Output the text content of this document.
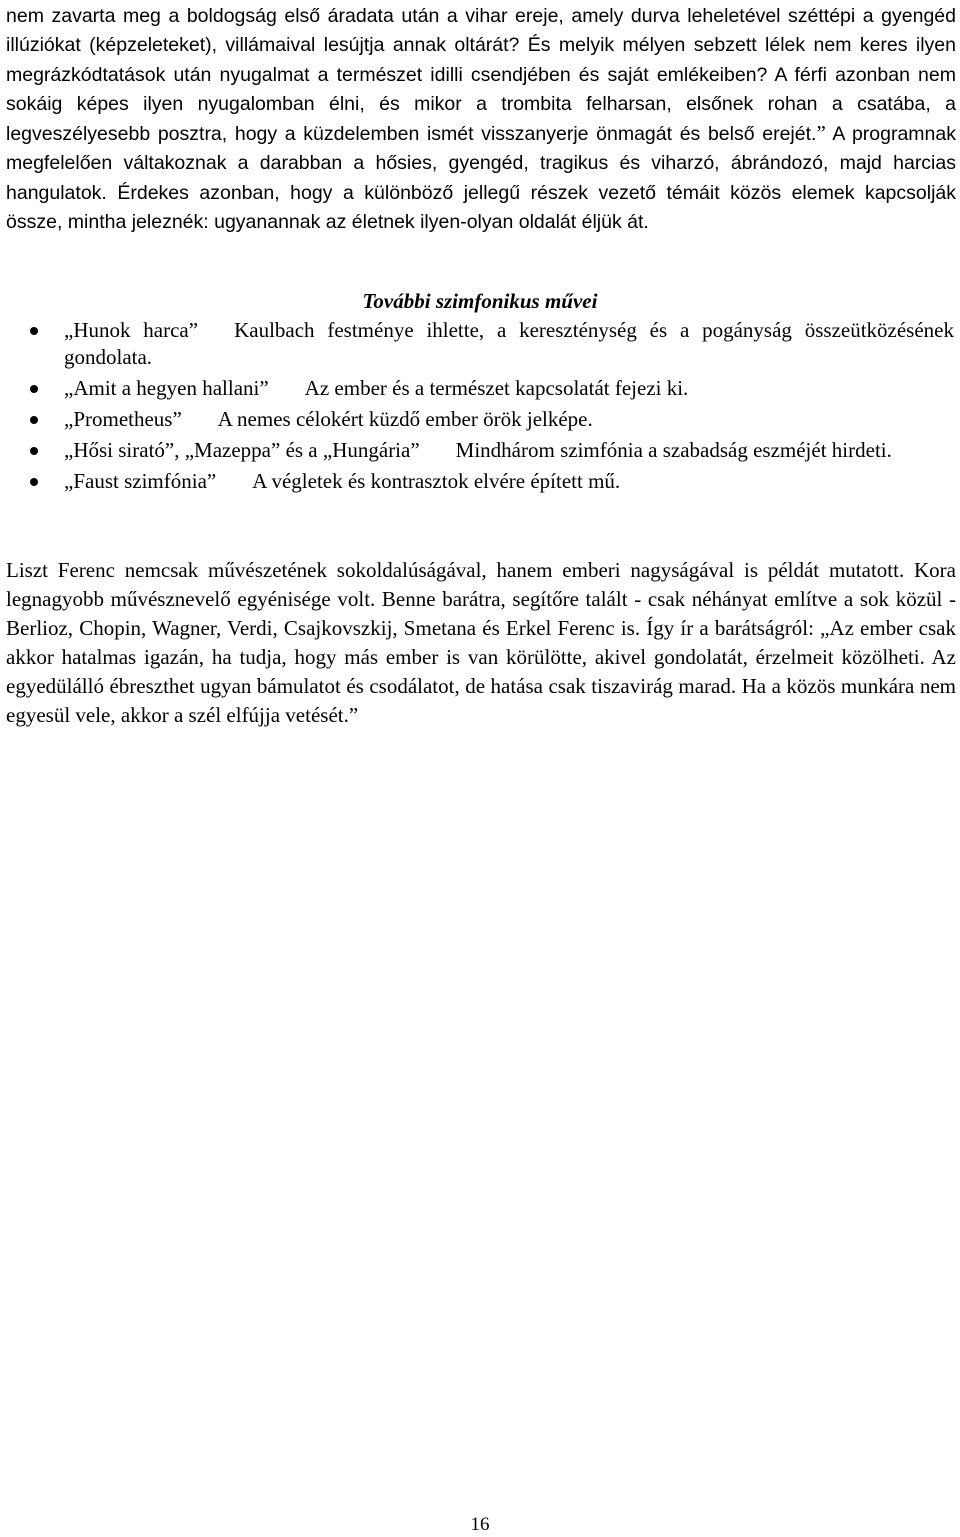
nem zavarta meg a boldogság első áradata után a vihar ereje, amely durva leheletével széttépi a gyengéd illúziókat (képzeleteket), villámaival lesújtja annak oltárát? És melyik mélyen sebzett lélek nem keres ilyen megrázkódtatások után nyugalmat a természet idilli csendjében és saját emlékeiben? A férfi azonban nem sokáig képes ilyen nyugalomban élni, és mikor a trombita felharsan, elsőnek rohan a csatába, a legveszélyesebb posztra, hogy a küzdelemben ismét visszanyerje önmagát és belső erejét.” A programnak megfelelően váltakoznak a darabban a hősies, gyengéd, tragikus és viharzó, ábrándozó, majd harcias hangulatok. Érdekes azonban, hogy a különböző jellegű részek vezető témáit közös elemek kapcsolják össze, mintha jeleznék: ugyanannak az életnek ilyen-olyan oldalát éljük át.

További szimfonikus művei
„Hunok harca” Kaulbach festménye ihlette, a kereszténység és a pogányság összeütközésének gondolata.
„Amit a hegyen hallani” Az ember és a természet kapcsolatát fejezi ki.
„Prometheus” A nemes célokért küzdő ember örök jelképe.
„Hősi sirató”, „Mazeppa” és a „Hungária” Mindhárom szimfónia a szabadság eszméjét hirdeti.
„Faust szimfónia” A végletek és kontrasztok elvére épített mű.

Liszt Ferenc nemcsak művészetének sokoldalúságával, hanem emberi nagyságával is példát mutatott. Kora legnagyobb művésznevelő egyénisége volt. Benne barátra, segítőre talált - csak néhányat említve a sok közül - Berlioz, Chopin, Wagner, Verdi, Csajkovszkij, Smetana és Erkel Ferenc is. Így ír a barátságról: „Az ember csak akkor hatalmas igazán, ha tudja, hogy más ember is van körülötte, akivel gondolatát, érzelmeit közölheti. Az egyedülálló ébreszthet ugyan bámulatot és csodálatot, de hatása csak tiszavirág marad. Ha a közös munkára nem egyesül vele, akkor a szél elfújja vetését.”

16
